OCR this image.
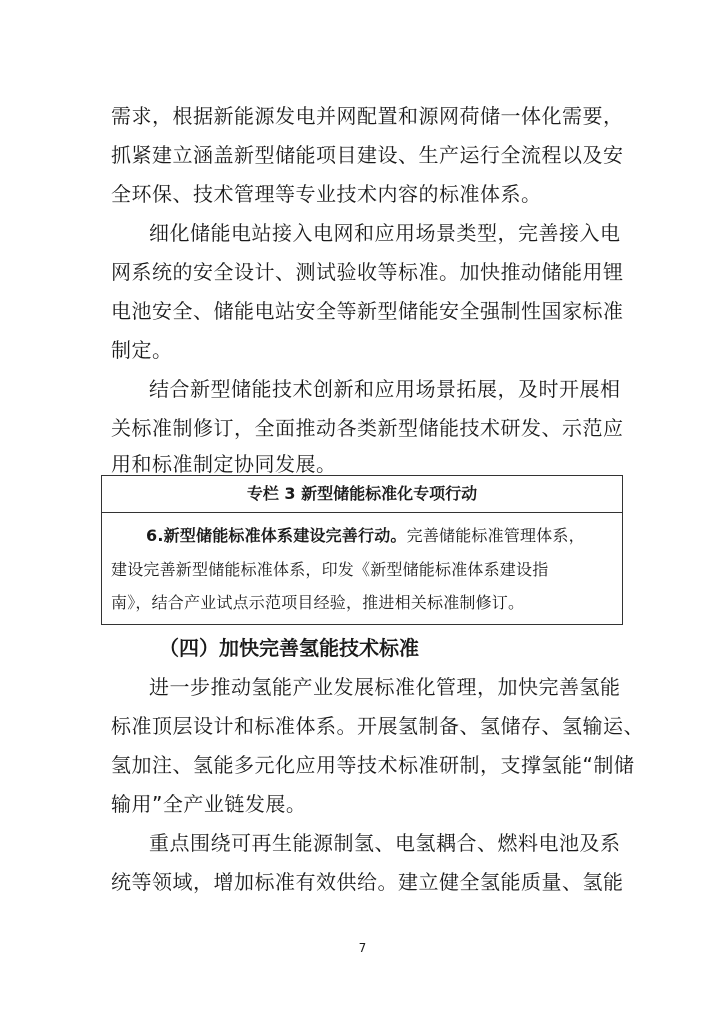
需求，根据新能源发电并网配置和源网荷储一体化需要，
抓紧建立涵盖新型储能项目建设、生产运行全流程以及安
全环保、技术管理等专业技术内容的标准体系。
细化储能电站接入电网和应用场景类型，完善接入电
网系统的安全设计、测试验收等标准。加快推动储能用锂
电池安全、储能电站安全等新型储能安全强制性国家标准
制定。
结合新型储能技术创新和应用场景拓展，及时开展相
关标准制修订，全面推动各类新型储能技术研发、示范应
用和标准制定协同发展。
专栏 3 新型储能标准化专项行动
6.新型储能标准体系建设完善行动。完善储能标准管理体系，
建设完善新型储能标准体系，印发《新型储能标准体系建设指
南》，结合产业试点示范项目经验，推进相关标准制修订。
（四）加快完善氢能技术标准
进一步推动氢能产业发展标准化管理，加快完善氢能
标准顶层设计和标准体系。开展氢制备、氢储存、氢输运、
氢加注、氢能多元化应用等技术标准研制，支撑氢能“制储
输用”全产业链发展。
重点围绕可再生能源制氢、电氢耦合、燃料电池及系
统等领域，增加标准有效供给。建立健全氢能质量、氢能
7
